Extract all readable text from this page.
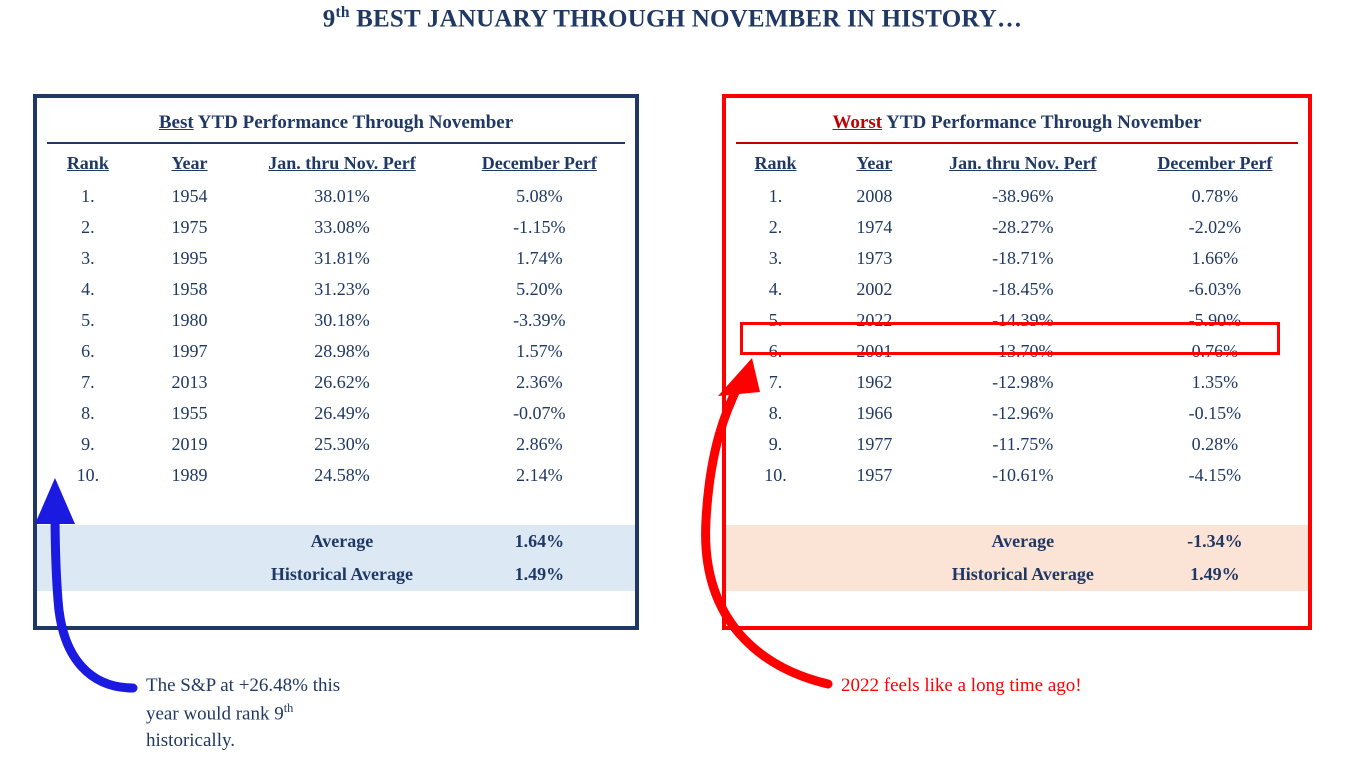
9th BEST JANUARY THROUGH NOVEMBER IN HISTORY…
Best YTD Performance Through November
Rank	Year	Jan. thru Nov. Perf	December Perf
1.	1954	38.01%	5.08%
2.	1975	33.08%	-1.15%
3.	1995	31.81%	1.74%
4.	1958	31.23%	5.20%
5.	1980	30.18%	-3.39%
6.	1997	28.98%	1.57%
7.	2013	26.62%	2.36%
8.	1955	26.49%	-0.07%
9.	2019	25.30%	2.86%
10.	1989	24.58%	2.14%

		Average	1.64%
		Historical Average	1.49%
Worst YTD Performance Through November
Rank	Year	Jan. thru Nov. Perf	December Perf
1.	2008	-38.96%	0.78%
2.	1974	-28.27%	-2.02%
3.	1973	-18.71%	1.66%
4.	2002	-18.45%	-6.03%
5.	2022	-14.39%	-5.90%
6.	2001	-13.70%	0.76%
7.	1962	-12.98%	1.35%
8.	1966	-12.96%	-0.15%
9.	1977	-11.75%	0.28%
10.	1957	-10.61%	-4.15%

		Average	-1.34%
		Historical Average	1.49%
The S&P at +26.48% this
year would rank 9th
historically.
2022 feels like a long time ago!
